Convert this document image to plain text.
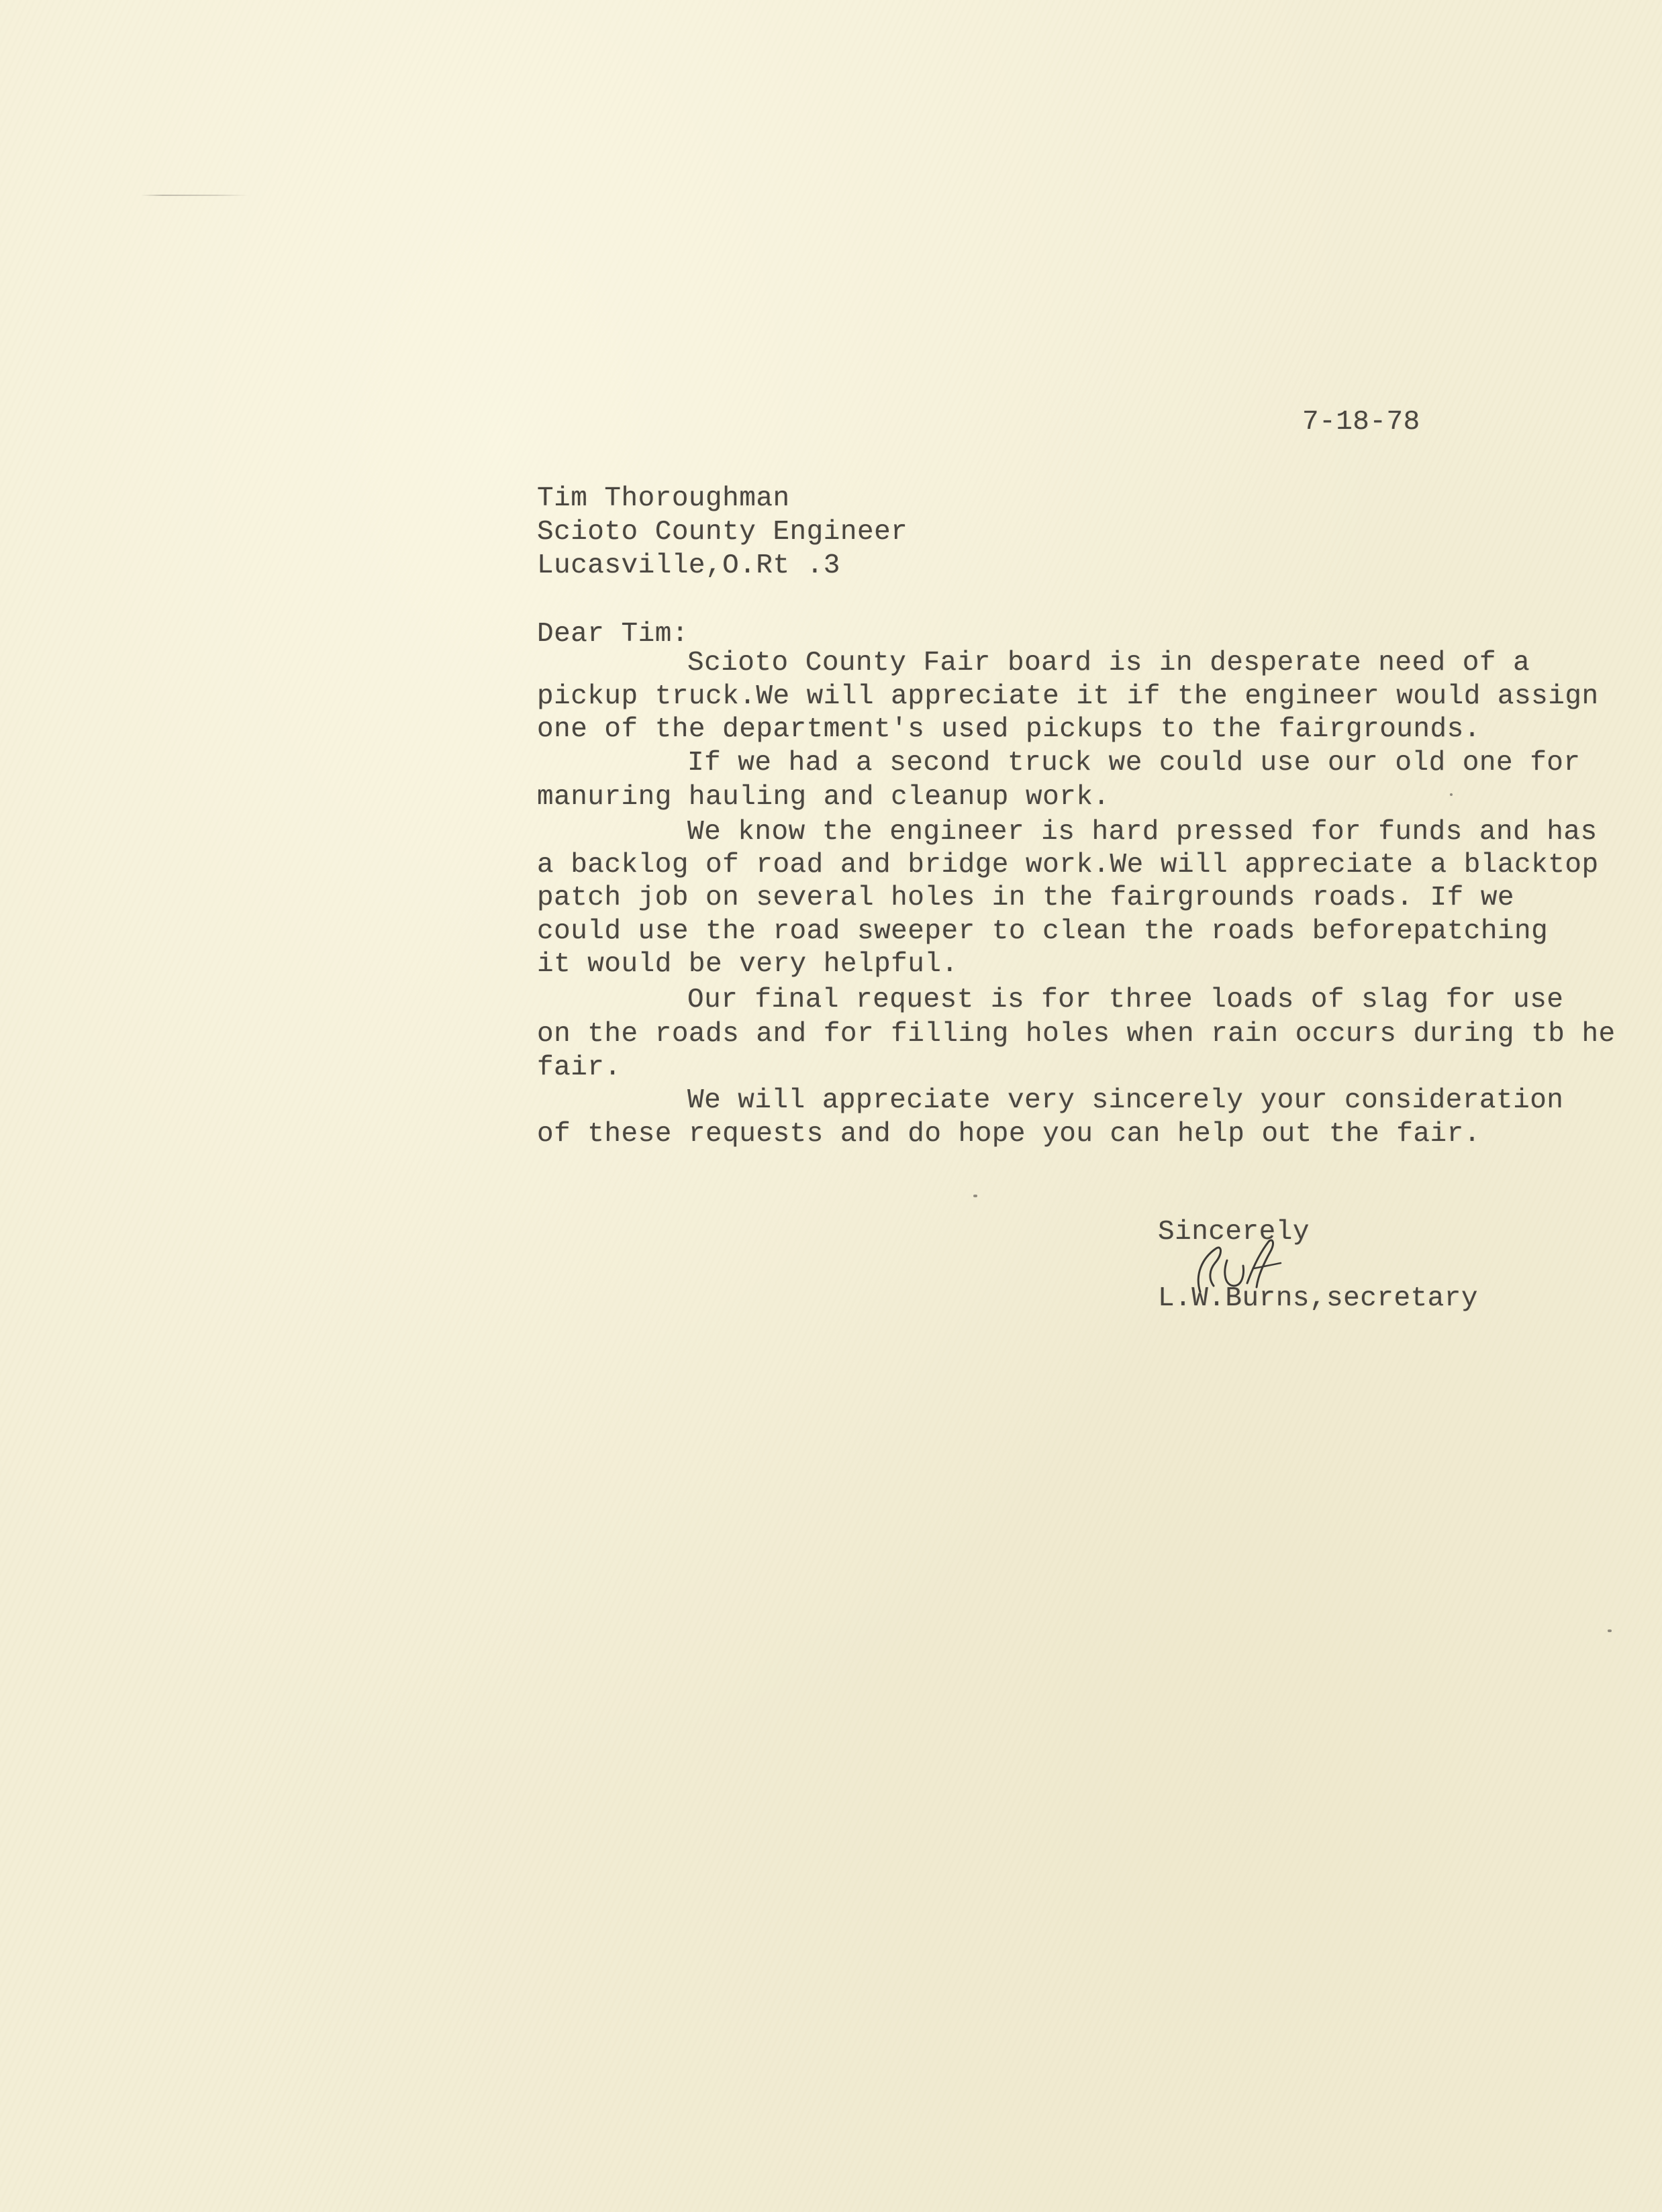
7-18-78
Tim Thoroughman
Scioto County Engineer
Lucasville,O.Rt .3
Dear Tim:
Scioto County Fair board is in desperate need of a
pickup truck.We will appreciate it if the engineer would assign
one of the department's used pickups to the fairgrounds.
If we had a second truck we could use our old one for
manuring hauling and cleanup work.
We know the engineer is hard pressed for funds and has
a backlog of road and bridge work.We will appreciate a blacktop
patch job on several holes in the fairgrounds roads. If we
could use the road sweeper to clean the roads beforepatching
it would be very helpful.
Our final request is for three loads of slag for use
on the roads and for filling holes when rain occurs during tb he
fair.
We will appreciate very sincerely your consideration
of these requests and do hope you can help out the fair.
Sincerely
L.W.Burns,secretary
